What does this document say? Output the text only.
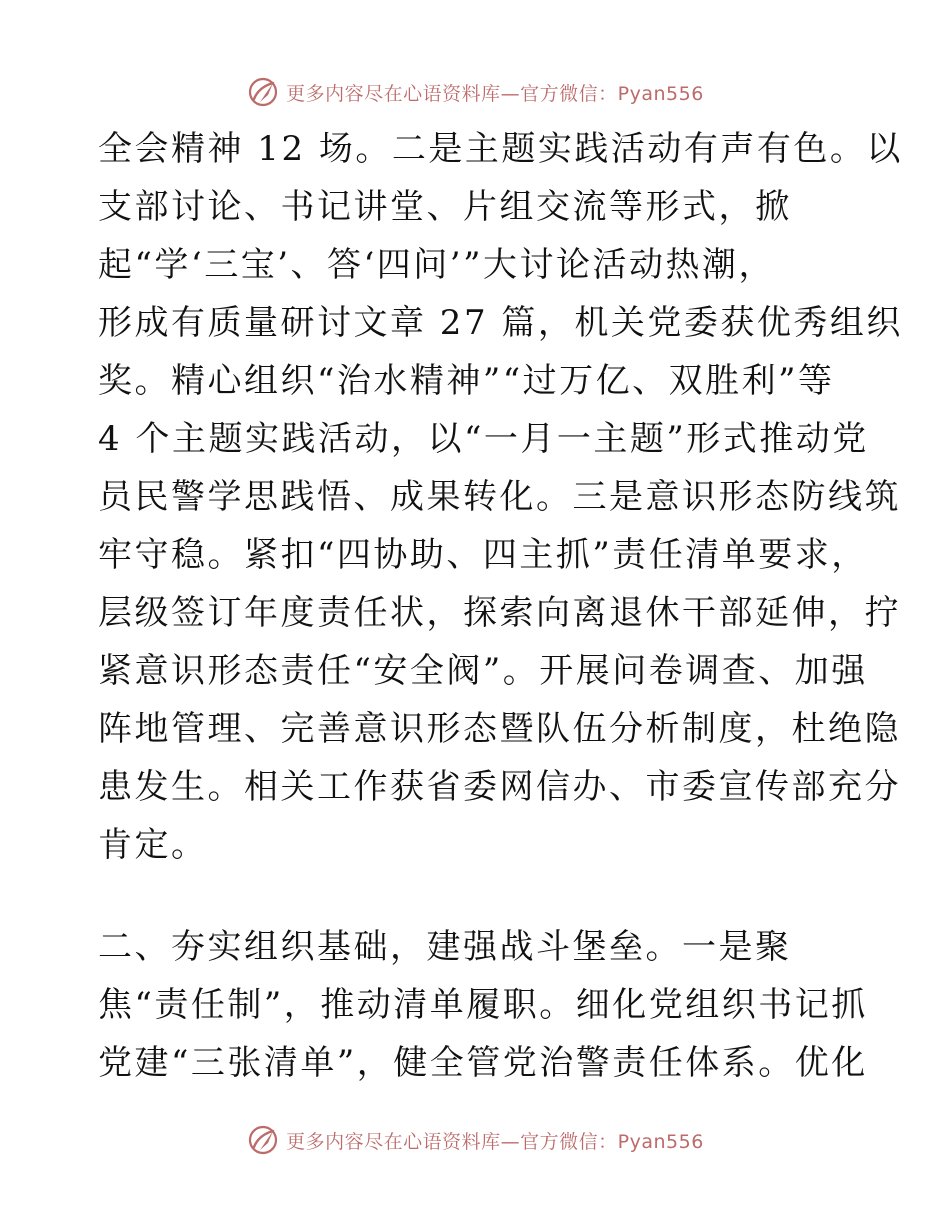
更多内容尽在心语资料库—官方微信：Pyan556
全会精神 12 场。二是主题实践活动有声有色。以
支部讨论、书记讲堂、片组交流等形式，掀
起“学‘三宝’、答‘四问’”大讨论活动热潮，
形成有质量研讨文章 27 篇，机关党委获优秀组织
奖。精心组织“治水精神”“过万亿、双胜利”等
4 个主题实践活动，以“一月一主题”形式推动党
员民警学思践悟、成果转化。三是意识形态防线筑
牢守稳。紧扣“四协助、四主抓”责任清单要求，
层级签订年度责任状，探索向离退休干部延伸，拧
紧意识形态责任“安全阀”。开展问卷调查、加强
阵地管理、完善意识形态暨队伍分析制度，杜绝隐
患发生。相关工作获省委网信办、市委宣传部充分
肯定。
二、夯实组织基础，建强战斗堡垒。一是聚
焦“责任制”，推动清单履职。细化党组织书记抓
党建“三张清单”，健全管党治警责任体系。优化
更多内容尽在心语资料库—官方微信：Pyan556
